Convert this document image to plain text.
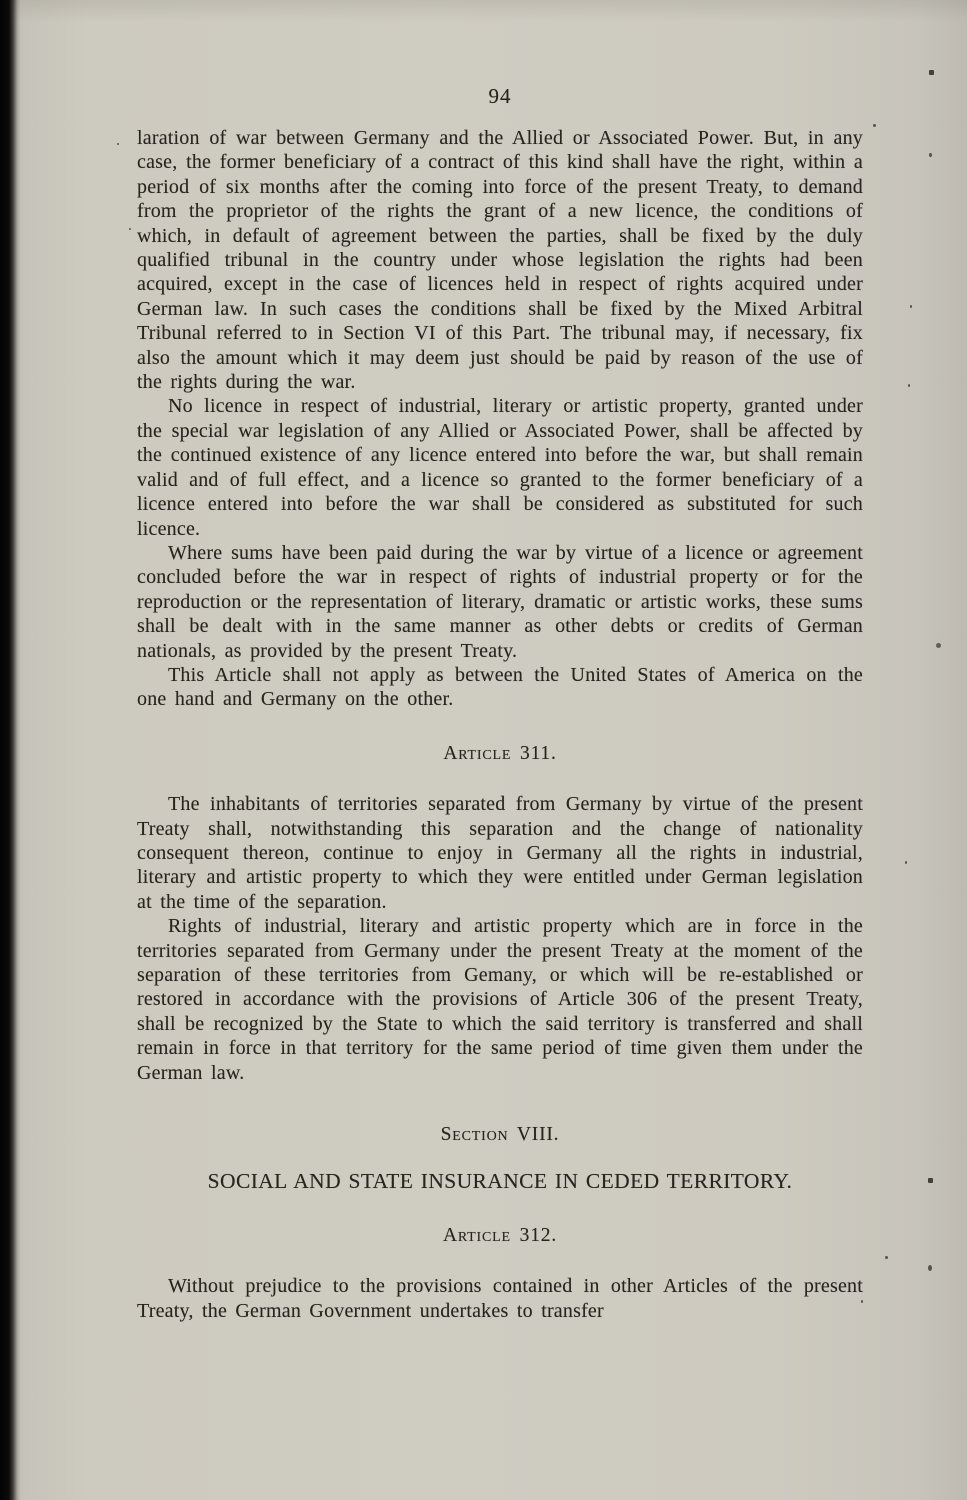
94

laration of war between Germany and the Allied or Associated Power. But, in any case, the former beneficiary of a contract of this kind shall have the right, within a period of six months after the coming into force of the present Treaty, to demand from the proprietor of the rights the grant of a new licence, the conditions of which, in default of agreement between the parties, shall be fixed by the duly qualified tribunal in the country under whose legislation the rights had been acquired, except in the case of licences held in respect of rights acquired under German law. In such cases the conditions shall be fixed by the Mixed Arbitral Tribunal referred to in Section VI of this Part. The tribunal may, if necessary, fix also the amount which it may deem just should be paid by reason of the use of the rights during the war.

No licence in respect of industrial, literary or artistic property, granted under the special war legislation of any Allied or Associated Power, shall be affected by the continued existence of any licence entered into before the war, but shall remain valid and of full effect, and a licence so granted to the former beneficiary of a licence entered into before the war shall be considered as substituted for such licence.

Where sums have been paid during the war by virtue of a licence or agreement concluded before the war in respect of rights of industrial property or for the reproduction or the representation of literary, dramatic or artistic works, these sums shall be dealt with in the same manner as other debts or credits of German nationals, as provided by the present Treaty.

This Article shall not apply as between the United States of America on the one hand and Germany on the other.

Article 311.

The inhabitants of territories separated from Germany by virtue of the present Treaty shall, notwithstanding this separation and the change of nationality consequent thereon, continue to enjoy in Germany all the rights in industrial, literary and artistic property to which they were entitled under German legislation at the time of the separation.

Rights of industrial, literary and artistic property which are in force in the territories separated from Germany under the present Treaty at the moment of the separation of these territories from Gemany, or which will be re-established or restored in accordance with the provisions of Article 306 of the present Treaty, shall be recognized by the State to which the said territory is transferred and shall remain in force in that territory for the same period of time given them under the German law.

Section VIII.
SOCIAL AND STATE INSURANCE IN CEDED TERRITORY.
Article 312.

Without prejudice to the provisions contained in other Articles of the present Treaty, the German Government undertakes to transfer
